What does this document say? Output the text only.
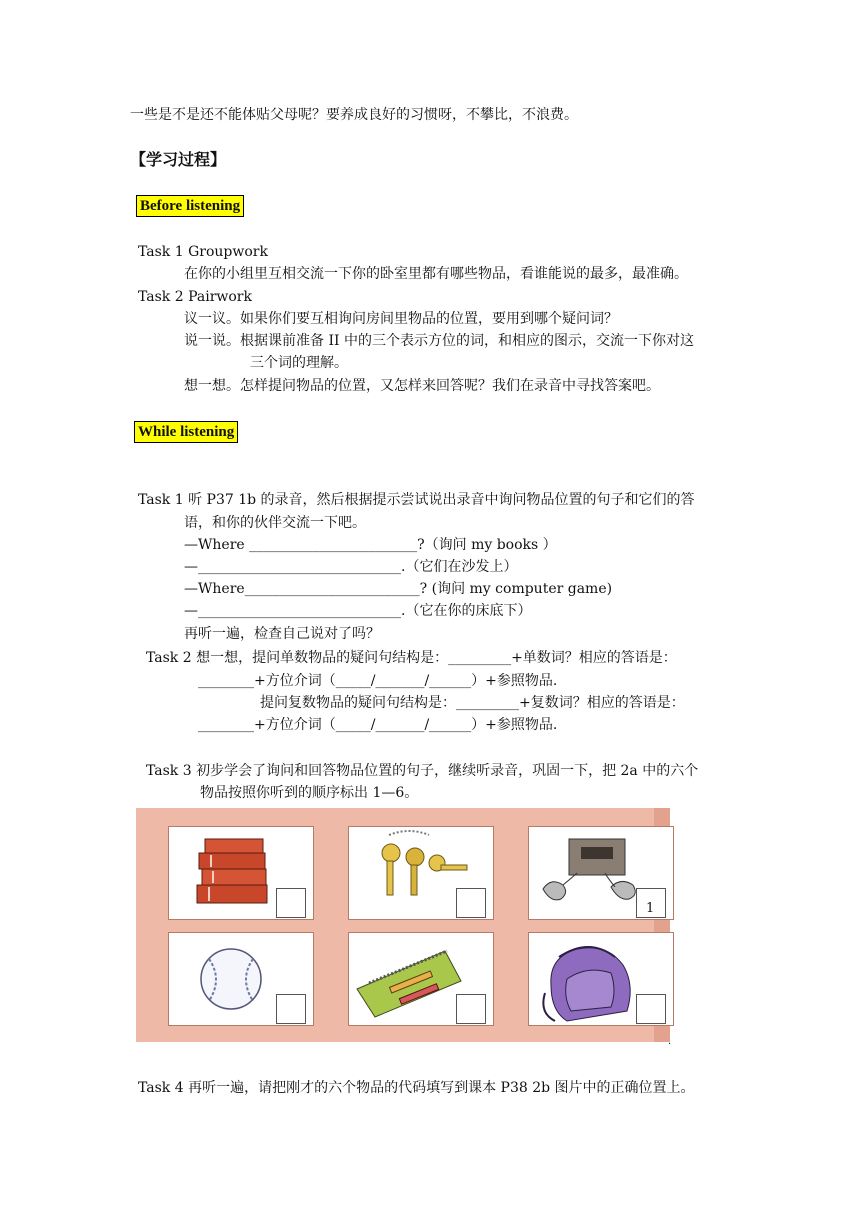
一些是不是还不能体贴父母呢？要养成良好的习惯呀，不攀比，不浪费。
【学习过程】
Before listening
Task 1 Groupwork
在你的小组里互相交流一下你的卧室里都有哪些物品，看谁能说的最多，最准确。
Task 2 Pairwork
议一议。如果你们要互相询问房间里物品的位置，要用到哪个疑问词？
说一说。根据课前准备 II 中的三个表示方位的词，和相应的图示，交流一下你对这
三个词的理解。
想一想。怎样提问物品的位置，又怎样来回答呢？我们在录音中寻找答案吧。
While listening
Task 1 听 P37 1b 的录音，然后根据提示尝试说出录音中询问物品位置的句子和它们的答
语，和你的伙伴交流一下吧。
—Where ________________________?（询问 my books ）
—_____________________________.（它们在沙发上）
—Where_________________________? (询问 my computer game)
—_____________________________.（它在你的床底下）
再听一遍，检查自己说对了吗？
Task 2 想一想，提问单数物品的疑问句结构是：_________+单数词？相应的答语是：
________+方位介词（_____/_______/______）+参照物品.
提问复数物品的疑问句结构是：_________+复数词？相应的答语是：
________+方位介词（_____/_______/______）+参照物品.
Task 3 初步学会了询问和回答物品位置的句子，继续听录音，巩固一下，把 2a 中的六个
物品按照你听到的顺序标出 1—6。
1
.
Task 4 再听一遍，请把刚才的六个物品的代码填写到课本 P38 2b 图片中的正确位置上。
